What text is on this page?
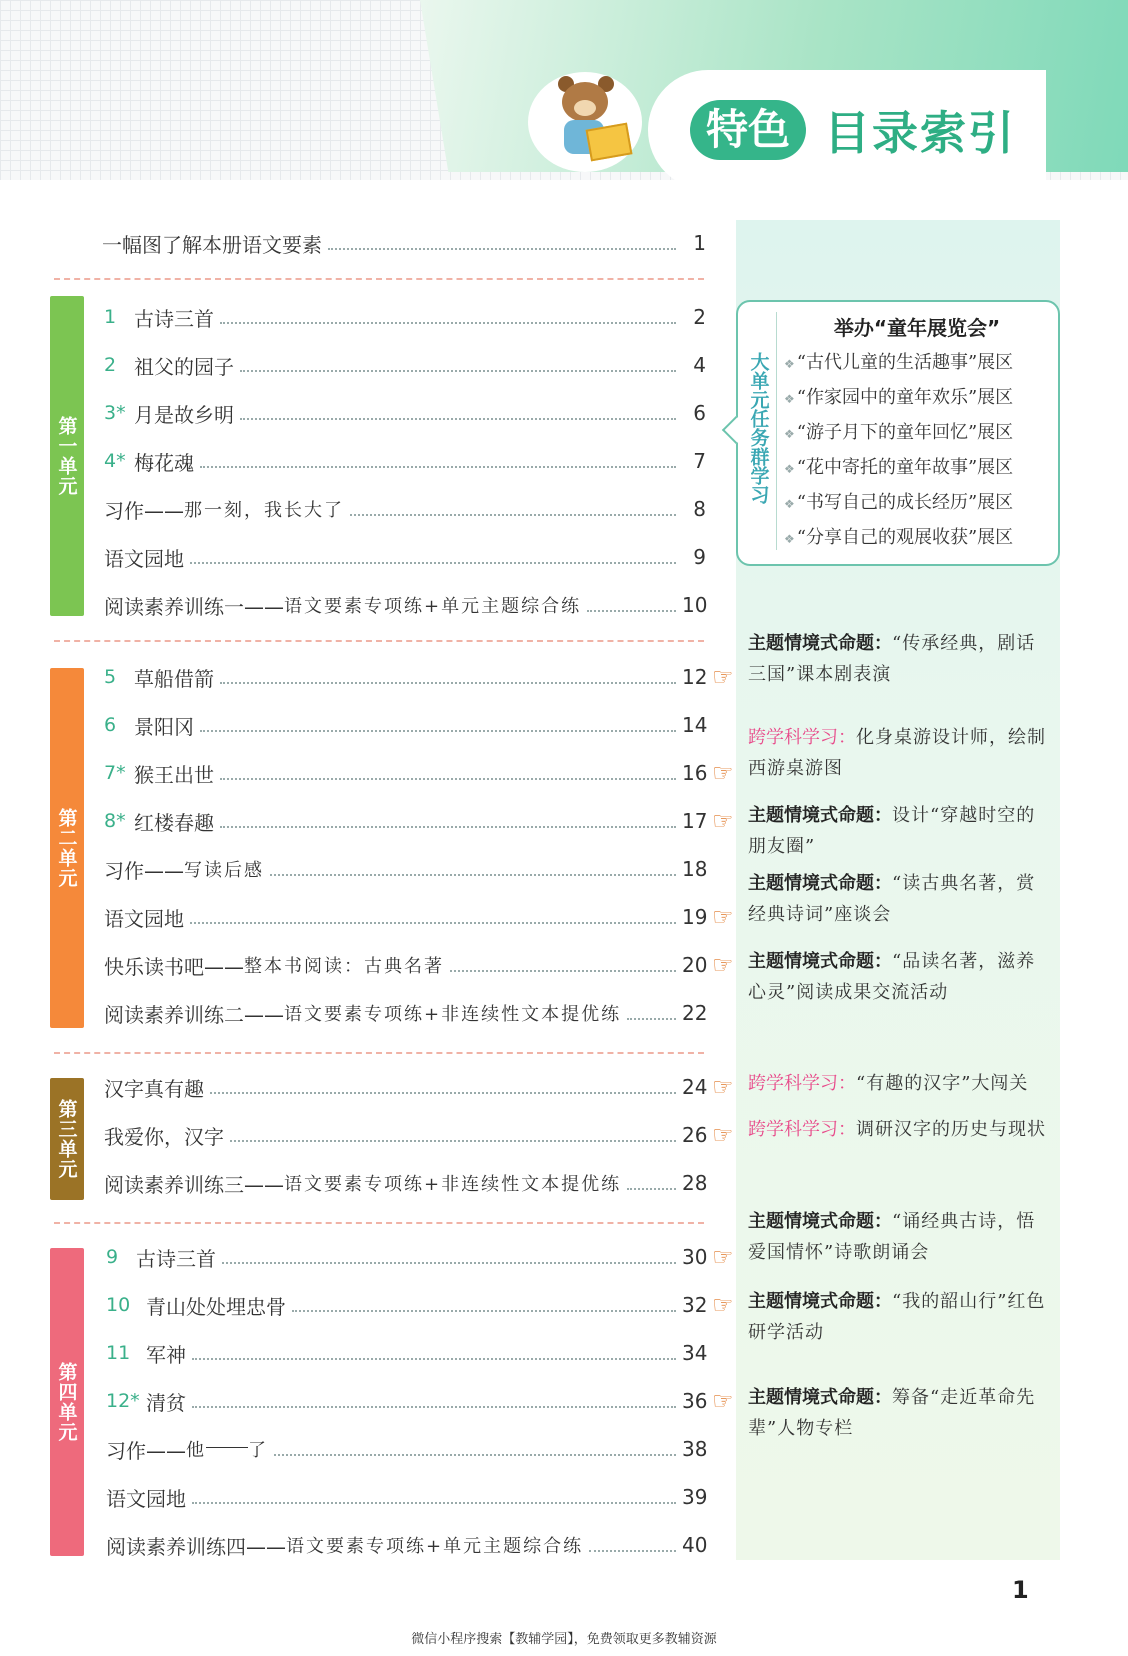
特色 目录索引
一幅图了解本册语文要素	1
第一单元
第二单元
第三单元
第四单元
1 古诗三首	2
2 祖父的园子	4
3* 月是故乡明	6
4* 梅花魂	7
习作—— 那一刻，我长大了	8
语文园地	9
阅读素养训练一—— 语文要素专项练+单元主题综合练	10
5 草船借箭	12
6 景阳冈	14
7* 猴王出世	16
8* 红楼春趣	17
习作—— 写读后感	18
语文园地	19
快乐读书吧—— 整本书阅读：古典名著	20
阅读素养训练二—— 语文要素专项练+非连续性文本提优练	22
汉字真有趣	24
我爱你，汉字	26
阅读素养训练三—— 语文要素专项练+非连续性文本提优练	28
9 古诗三首	30
10 青山处处埋忠骨	32
11 军神	34
12* 清贫	36
习作—— 他 了	38
语文园地	39
阅读素养训练四—— 语文要素专项练+单元主题综合练	40
大单元任务群学习
举办“童年展览会”
❖ “古代儿童的生活趣事”展区
❖ “作家园中的童年欢乐”展区
❖ “游子月下的童年回忆”展区
❖ “花中寄托的童年故事”展区
❖ “书写自己的成长经历”展区
❖ “分享自己的观展收获”展区
☞
☞
☞
☞
☞
☞
☞
☞
☞
☞
主题情境式命题：“传承经典，剧话三国”课本剧表演
跨学科学习：化身桌游设计师，绘制西游桌游图
主题情境式命题：设计“穿越时空的朋友圈”
主题情境式命题：“读古典名著，赏经典诗词”座谈会
主题情境式命题：“品读名著，滋养心灵”阅读成果交流活动
跨学科学习：“有趣的汉字”大闯关
跨学科学习：调研汉字的历史与现状
主题情境式命题：“诵经典古诗，悟爱国情怀”诗歌朗诵会
主题情境式命题：“我的韶山行”红色研学活动
主题情境式命题：筹备“走近革命先辈”人物专栏
1
微信小程序搜索【教辅学园】，免费领取更多教辅资源
